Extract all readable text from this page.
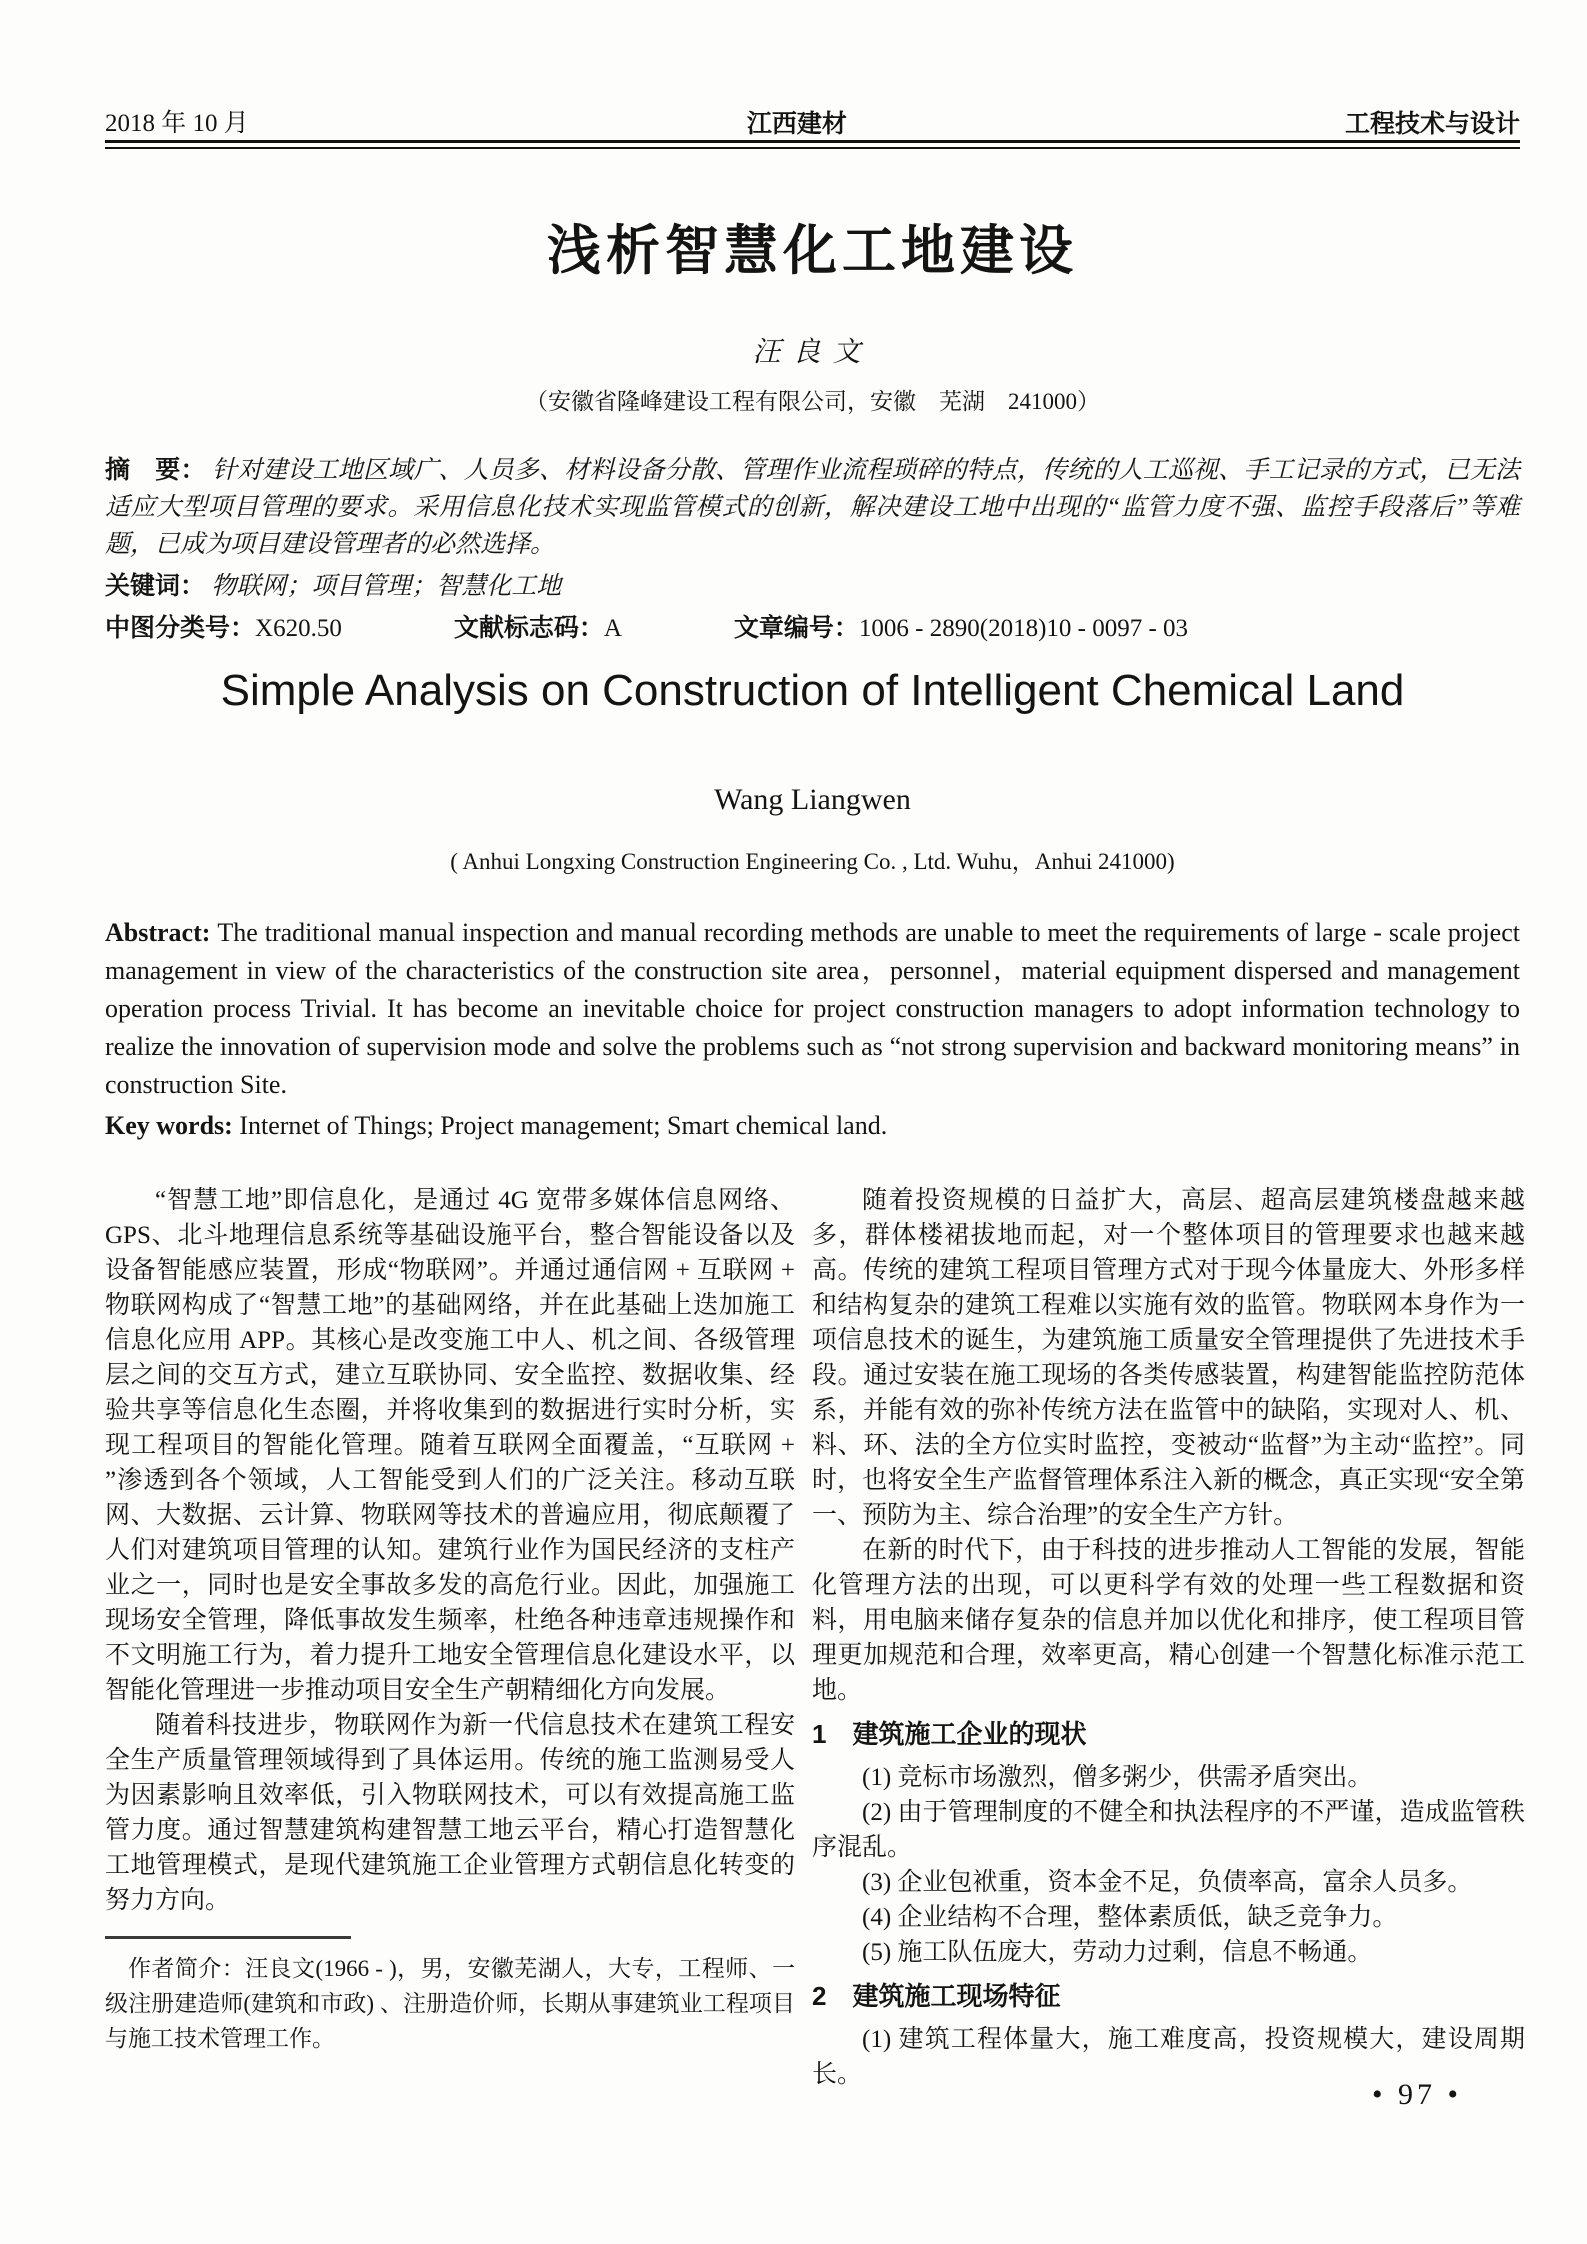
2018 年 10 月	江西建材	工程技术与设计
浅析智慧化工地建设
汪良文
（安徽省隆峰建设工程有限公司，安徽　芜湖　241000）

摘　要： 针对建设工地区域广、人员多、材料设备分散、管理作业流程琐碎的特点，传统的人工巡视、手工记录的方式，已无法适应大型项目管理的要求。采用信息化技术实现监管模式的创新，解决建设工地中出现的“监管力度不强、监控手段落后”等难题，已成为项目建设管理者的必然选择。

关键词： 物联网；项目管理；智慧化工地

中图分类号：X620.50	文献标志码：A	文章编号：1006 - 2890(2018)10 - 0097 - 03
Simple Analysis on Construction of Intelligent Chemical Land
Wang Liangwen
( Anhui Longxing Construction Engineering Co. , Ltd. Wuhu，Anhui 241000)

Abstract: The traditional manual inspection and manual recording methods are unable to meet the requirements of large - scale project management in view of the characteristics of the construction site area，personnel，material equipment dispersed and management operation process Trivial. It has become an inevitable choice for project construction managers to adopt information technology to realize the innovation of supervision mode and solve the problems such as “not strong supervision and backward monitoring means” in construction Site.

Key words: Internet of Things; Project management; Smart chemical land.

“智慧工地”即信息化，是通过 4G 宽带多媒体信息网络、GPS、北斗地理信息系统等基础设施平台，整合智能设备以及设备智能感应装置，形成“物联网”。并通过通信网 + 互联网 + 物联网构成了“智慧工地”的基础网络，并在此基础上迭加施工信息化应用 APP。其核心是改变施工中人、机之间、各级管理层之间的交互方式，建立互联协同、安全监控、数据收集、经验共享等信息化生态圈，并将收集到的数据进行实时分析，实现工程项目的智能化管理。随着互联网全面覆盖，“互联网 + ”渗透到各个领域，人工智能受到人们的广泛关注。移动互联网、大数据、云计算、物联网等技术的普遍应用，彻底颠覆了人们对建筑项目管理的认知。建筑行业作为国民经济的支柱产业之一，同时也是安全事故多发的高危行业。因此，加强施工现场安全管理，降低事故发生频率，杜绝各种违章违规操作和不文明施工行为，着力提升工地安全管理信息化建设水平，以智能化管理进一步推动项目安全生产朝精细化方向发展。

随着科技进步，物联网作为新一代信息技术在建筑工程安全生产质量管理领域得到了具体运用。传统的施工监测易受人为因素影响且效率低，引入物联网技术，可以有效提高施工监管力度。通过智慧建筑构建智慧工地云平台，精心打造智慧化工地管理模式，是现代建筑施工企业管理方式朝信息化转变的努力方向。

随着投资规模的日益扩大，高层、超高层建筑楼盘越来越多，群体楼裙拔地而起，对一个整体项目的管理要求也越来越高。传统的建筑工程项目管理方式对于现今体量庞大、外形多样和结构复杂的建筑工程难以实施有效的监管。物联网本身作为一项信息技术的诞生，为建筑施工质量安全管理提供了先进技术手段。通过安装在施工现场的各类传感装置，构建智能监控防范体系，并能有效的弥补传统方法在监管中的缺陷，实现对人、机、料、环、法的全方位实时监控，变被动“监督”为主动“监控”。同时，也将安全生产监督管理体系注入新的概念，真正实现“安全第一、预防为主、综合治理”的安全生产方针。

在新的时代下，由于科技的进步推动人工智能的发展，智能化管理方法的出现，可以更科学有效的处理一些工程数据和资料，用电脑来储存复杂的信息并加以优化和排序，使工程项目管理更加规范和合理，效率更高，精心创建一个智慧化标准示范工地。

1　建筑施工企业的现状

(1) 竞标市场激烈，僧多粥少，供需矛盾突出。

(2) 由于管理制度的不健全和执法程序的不严谨，造成监管秩序混乱。

(3) 企业包袱重，资本金不足，负债率高，富余人员多。

(4) 企业结构不合理，整体素质低，缺乏竞争力。

(5) 施工队伍庞大，劳动力过剩，信息不畅通。

2　建筑施工现场特征

(1) 建筑工程体量大，施工难度高，投资规模大，建设周期长。

作者简介：汪良文(1966 - )，男，安徽芜湖人，大专，工程师、一级注册建造师(建筑和市政) 、注册造价师，长期从事建筑业工程项目与施工技术管理工作。

• 97 •
